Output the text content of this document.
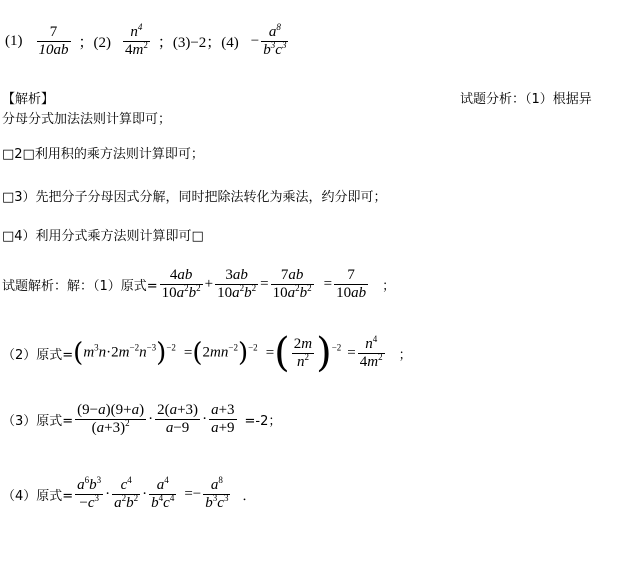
$(1) \frac{7}{10ab}$ ；$(2) \frac{n^4}{4m^2}$ ；(3)−2；$(4) - \frac{a^8}{b^3c^3}$
【解析】	试题分析：（1）根据异
分母分式加法法则计算即可；
□2□利用积的乘方法则计算即可；
□3）先把分子分母因式分解，同时把除法转化为乘法，约分即可；
□4）利用分式乘方法则计算即可□
试题解析：解：（1）原式= $\frac{4ab}{10a^2b^2} + \frac{3ab}{10a^2b^2} = \frac{7ab}{10a^2b^2} = \frac{7}{10ab}$ ；
（2）原式= $(m^3n\cdot 2m^{-2}n^{-3})^{-2} = (2mn^{-2})^{-2}$ = ( $\frac{2m}{n^2} )^{-2} = \frac{n^4}{4m^2}$ ；
（3）原式= $\frac{(9-a)(9+a)}{(a+3)^2} \cdot \frac{2(a+3)}{a-9} \cdot \frac{a+3}{a+9} =-2$；
（4）原式= $\frac{a^6b^3}{-c^3} \cdot \frac{c^4}{a^2b^2} \cdot \frac{a^4}{b^4c^4} =- \frac{a^8}{b^3c^3}$ ．
